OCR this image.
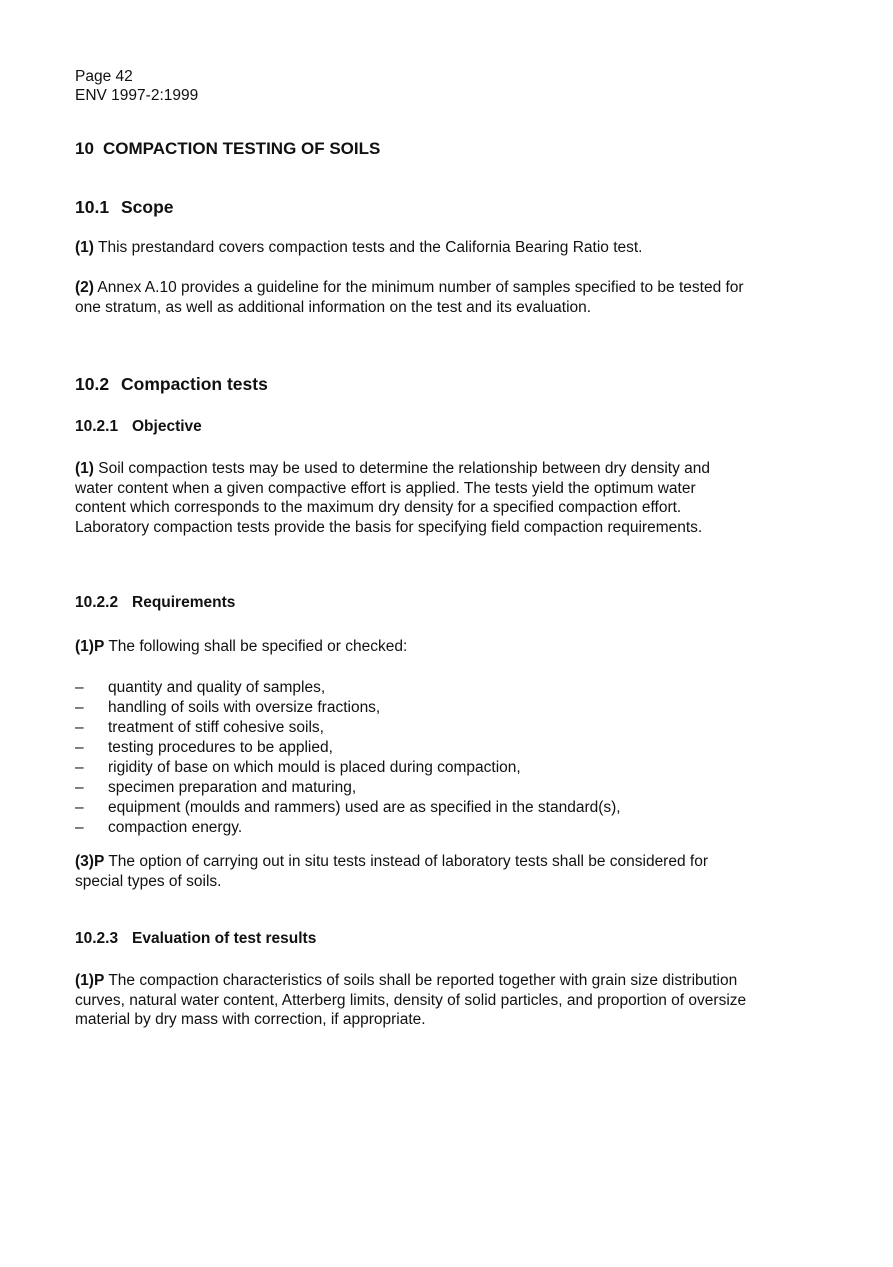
Page 42
ENV 1997-2:1999
10 COMPACTION TESTING OF SOILS
10.1 Scope
(1) This prestandard covers compaction tests and the California Bearing Ratio test.
(2) Annex A.10 provides a guideline for the minimum number of samples specified to be tested for one stratum, as well as additional information on the test and its evaluation.
10.2 Compaction tests
10.2.1 Objective
(1) Soil compaction tests may be used to determine the relationship between dry density and water content when a given compactive effort is applied. The tests yield the optimum water content which corresponds to the maximum dry density for a specified compaction effort. Laboratory compaction tests provide the basis for specifying field compaction requirements.
10.2.2 Requirements
(1)P The following shall be specified or checked:
– quantity and quality of samples,
– handling of soils with oversize fractions,
– treatment of stiff cohesive soils,
– testing procedures to be applied,
– rigidity of base on which mould is placed during compaction,
– specimen preparation and maturing,
– equipment (moulds and rammers) used are as specified in the standard(s),
– compaction energy.
(3)P The option of carrying out in situ tests instead of laboratory tests shall be considered for special types of soils.
10.2.3 Evaluation of test results
(1)P The compaction characteristics of soils shall be reported together with grain size distribution curves, natural water content, Atterberg limits, density of solid particles, and proportion of oversize material by dry mass with correction, if appropriate.
